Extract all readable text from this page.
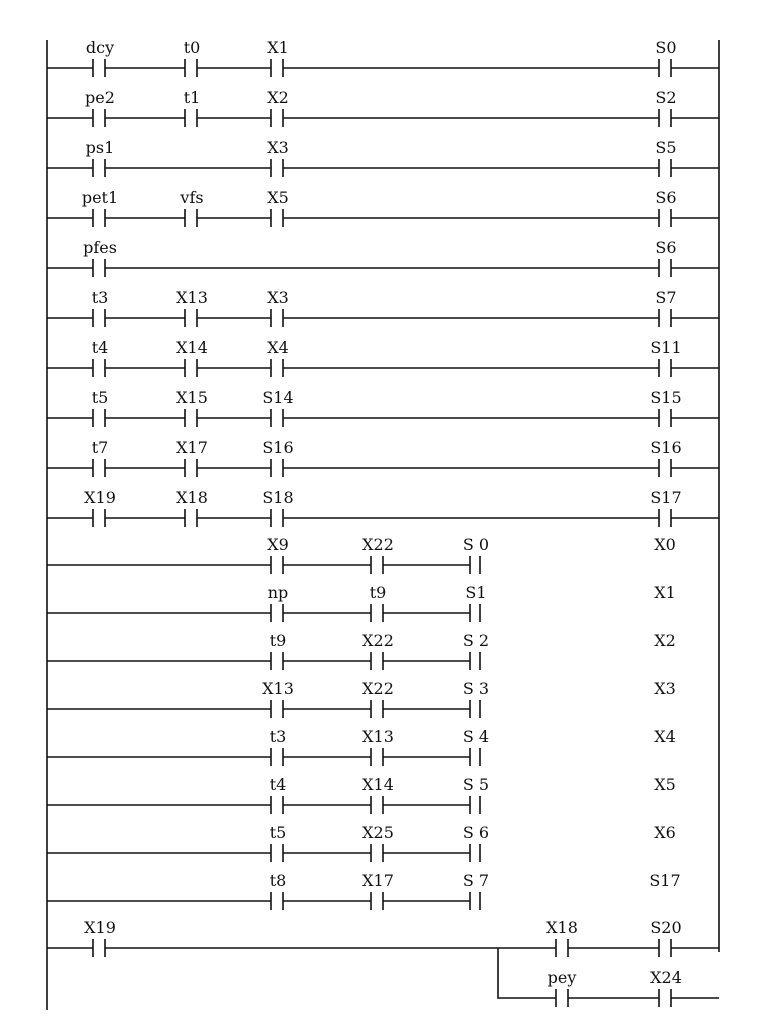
dcy	t0	X1	S0
pe2	t1	X2	S2
ps1	X3	S5
pet1	vfs	X5	S6
pfes	S6
t3	X13	X3	S7
t4	X14	X4	S11
t5	X15	S14	S15
t7	X17	S16	S16
X19	X18	S18	S17
X9	X22	S 0	X0
np	t9	S1	X1
t9	X22	S 2	X2
X13	X22	S 3	X3
t3	X13	S 4	X4
t4	X14	S 5	X5
t5	X25	S 6	X6
t8	X17	S 7	S17
X19	X18	S20
pey	X24
